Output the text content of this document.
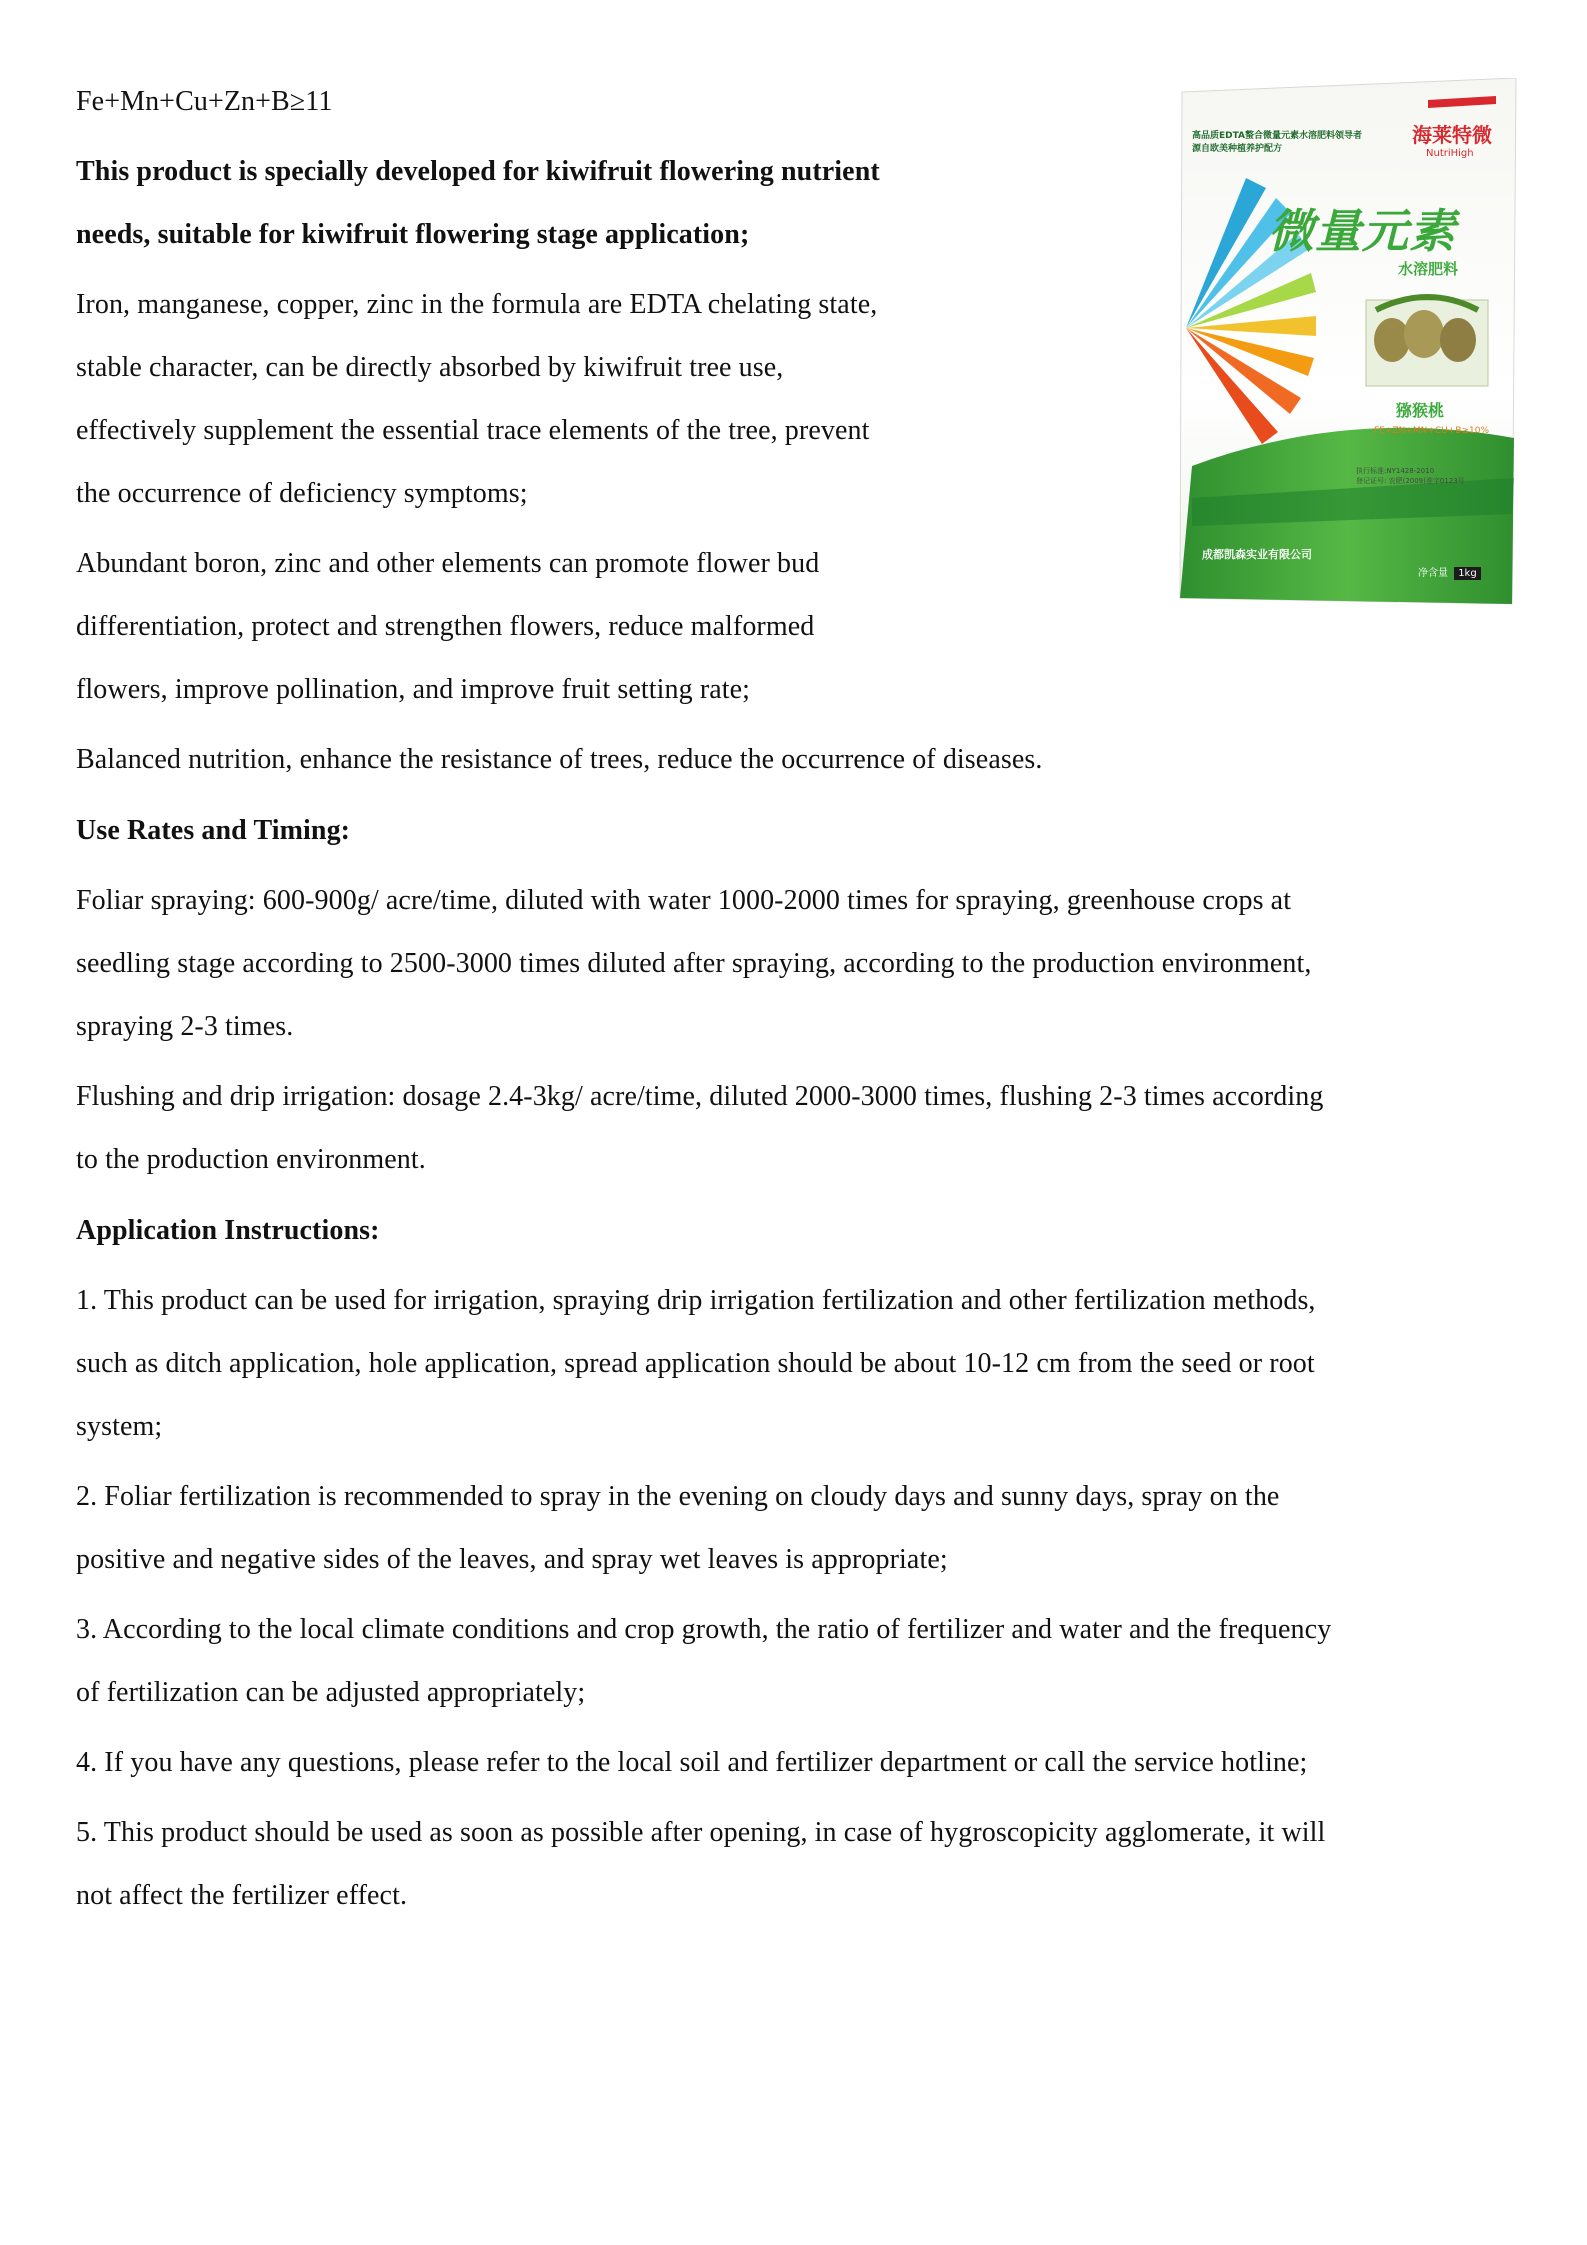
Fe+Mn+Cu+Zn+B≥11
This product is specially developed for kiwifruit flowering nutrient
needs, suitable for kiwifruit flowering stage application;
Iron, manganese, copper, zinc in the formula are EDTA chelating state,
stable character, can be directly absorbed by kiwifruit tree use,
effectively supplement the essential trace elements of the tree, prevent
the occurrence of deficiency symptoms;
Abundant boron, zinc and other elements can promote flower bud
differentiation, protect and strengthen flowers, reduce malformed
flowers, improve pollination, and improve fruit setting rate;
Balanced nutrition, enhance the resistance of trees, reduce the occurrence of diseases.
Use Rates and Timing:
Foliar spraying: 600-900g/ acre/time, diluted with water 1000-2000 times for spraying, greenhouse crops at
seedling stage according to 2500-3000 times diluted after spraying, according to the production environment,
spraying 2-3 times.
Flushing and drip irrigation: dosage 2.4-3kg/ acre/time, diluted 2000-3000 times, flushing 2-3 times according
to the production environment.
Application Instructions:
1. This product can be used for irrigation, spraying drip irrigation fertilization and other fertilization methods,
such as ditch application, hole application, spread application should be about 10-12 cm from the seed or root
system;
2. Foliar fertilization is recommended to spray in the evening on cloudy days and sunny days, spray on the
positive and negative sides of the leaves, and spray wet leaves is appropriate;
3. According to the local climate conditions and crop growth, the ratio of fertilizer and water and the frequency
of fertilization can be adjusted appropriately;
4. If you have any questions, please refer to the local soil and fertilizer department or call the service hotline;
5. This product should be used as soon as possible after opening, in case of hygroscopicity agglomerate, it will
not affect the fertilizer effect.
高品质EDTA螯合微量元素水溶肥料领导者
源自欧美种植养护配方
海莱特微
NutriHigh
微量元素
水溶肥料
猕猴桃
FE+ZN+MN+CU+B≥10%
执行标准:NY1428-2010
登记证号: 农肥(2009)准字0123号
成都凯森实业有限公司
净含量 1kg
